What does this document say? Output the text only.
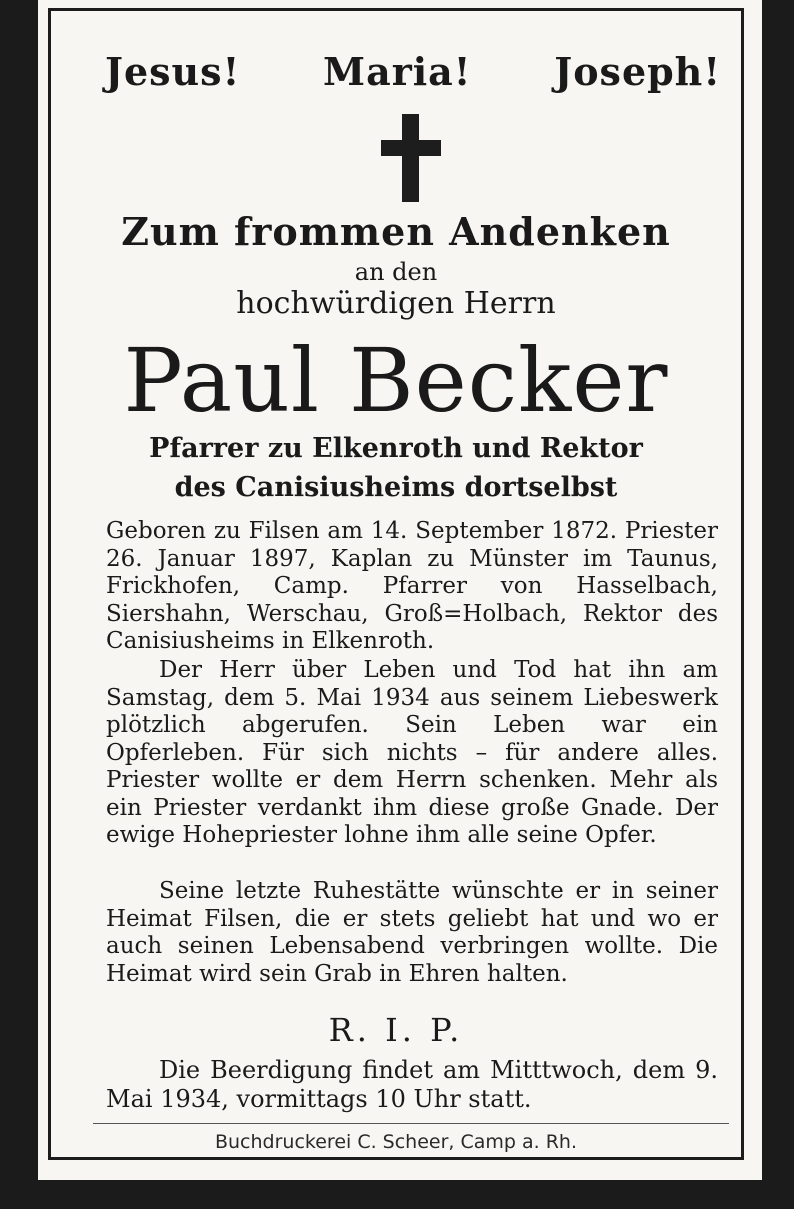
Jesus! Maria! Joseph!
Zum frommen Andenken
an den
hochwürdigen Herrn
Paul Becker
Pfarrer zu Elkenroth und Rektor
des Canisiusheims dortselbst
Geboren zu Filsen am 14. September 1872. Priester 26. Januar 1897, Kaplan zu Münster im Taunus, Frickhofen, Camp. Pfarrer von Hasselbach, Siershahn, Werschau, Groß=Holbach, Rektor des Canisiusheims in Elkenroth.
Der Herr über Leben und Tod hat ihn am Samstag, dem 5. Mai 1934 aus seinem Liebeswerk plötzlich abgerufen. Sein Leben war ein Opferleben. Für sich nichts – für andere alles. Priester wollte er dem Herrn schenken. Mehr als ein Priester verdankt ihm diese große Gnade. Der ewige Hohepriester lohne ihm alle seine Opfer.
Seine letzte Ruhestätte wünschte er in seiner Heimat Filsen, die er stets geliebt hat und wo er auch seinen Lebensabend verbringen wollte. Die Heimat wird sein Grab in Ehren halten.
R. I. P.
Die Beerdigung findet am Mitttwoch, dem 9. Mai 1934, vormittags 10 Uhr statt.
Buchdruckerei C. Scheer, Camp a. Rh.
